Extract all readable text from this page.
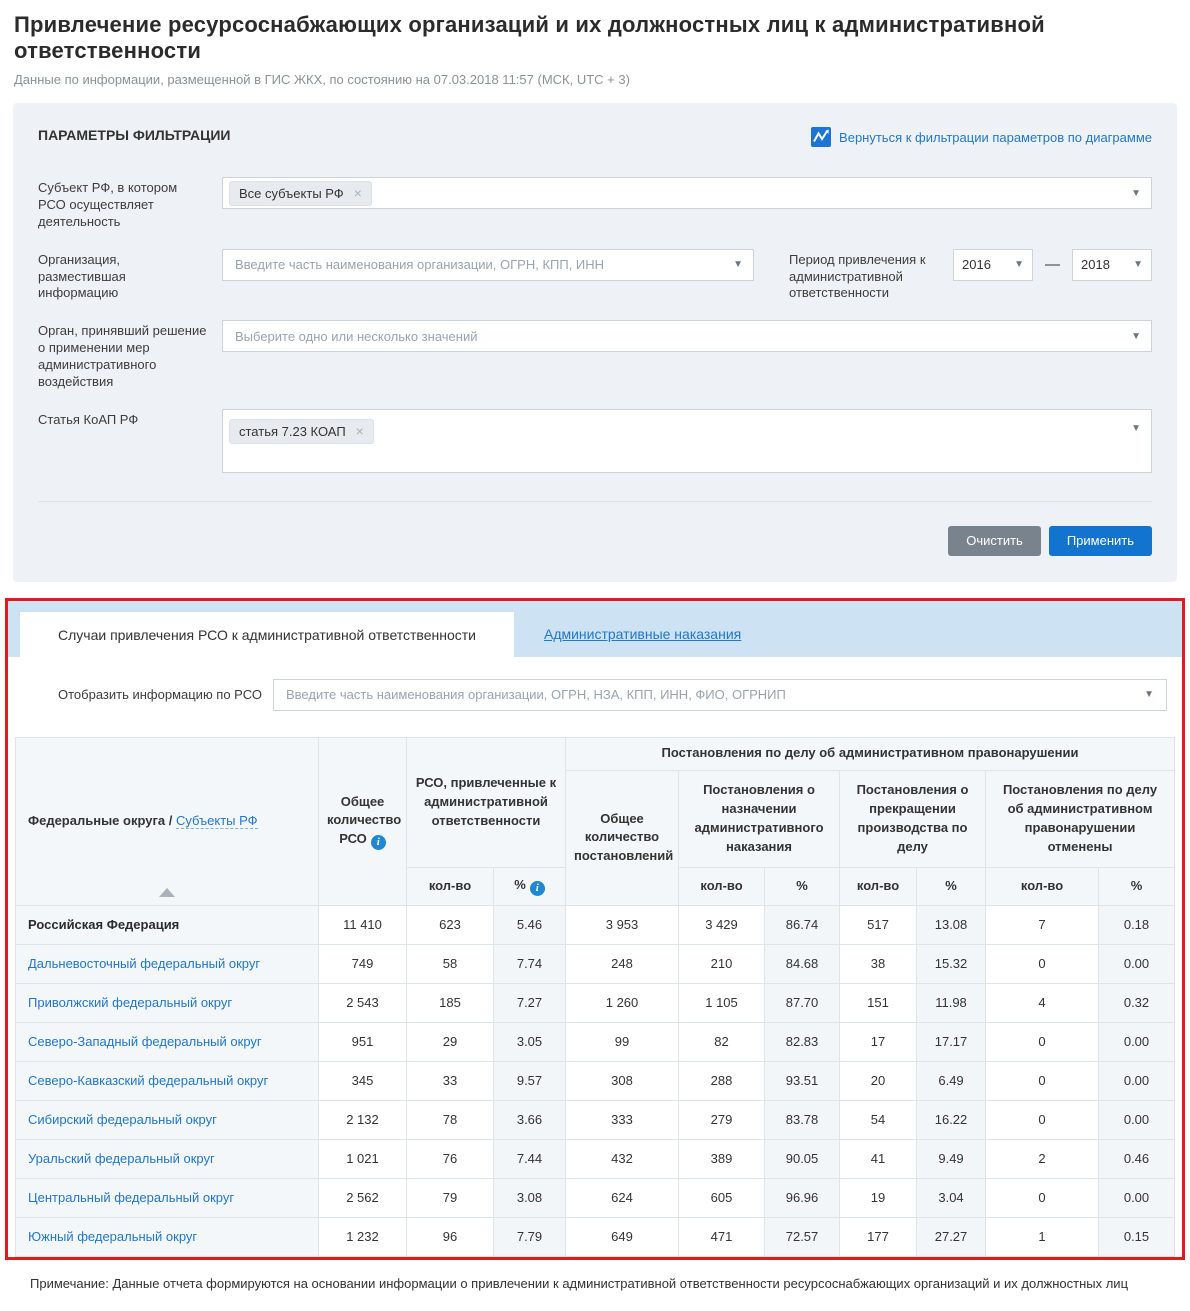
Привлечение ресурсоснабжающих организаций и их должностных лиц к административной ответственности
Данные по информации, размещенной в ГИС ЖКХ, по состоянию на 07.03.2018 11:57 (МСК, UTC + 3)
ПАРАМЕТРЫ ФИЛЬТРАЦИИ	Вернуться к фильтрации параметров по диаграмме
Субъект РФ, в котором РСО осуществляет деятельность
Все субъекты РФ ×	▼
Организация, разместившая информацию
Введите часть наименования организации, ОГРН, КПП, ИНН	▼	Период привлечения к административной ответственности
2016 ▼ — 2018 ▼
Орган, принявший решение о применении мер административного воздействия
Выберите одно или несколько значений	▼
Статья КоАП РФ
статья 7.23 КОАП ×	▼
Очистить	Применить
Случаи привлечения РСО к административной ответственности	Административные наказания
Отобразить информацию по РСО Введите часть наименования организации, ОГРН, НЗА, КПП, ИНН, ФИО, ОГРНИП	▼
Федеральные округа / Субъекты РФ	Общее количество РСО i	РСО, привлеченные к административной ответственности		Постановления по делу об административном правонарушении						
				Общее количество постановлений	Постановления о назначении административного наказания		Постановления о прекращении производства по делу		Постановления по делу об административном правонарушении отменены	
		кол-во	% i		кол-во	%	кол-во	%	кол-во	%
Российская Федерация	11 410	623	5.46	3 953	3 429	86.74	517	13.08	7	0.18
Дальневосточный федеральный округ	749	58	7.74	248	210	84.68	38	15.32	0	0.00
Приволжский федеральный округ	2 543	185	7.27	1 260	1 105	87.70	151	11.98	4	0.32
Северо-Западный федеральный округ	951	29	3.05	99	82	82.83	17	17.17	0	0.00
Северо-Кавказский федеральный округ	345	33	9.57	308	288	93.51	20	6.49	0	0.00
Сибирский федеральный округ	2 132	78	3.66	333	279	83.78	54	16.22	0	0.00
Уральский федеральный округ	1 021	76	7.44	432	389	90.05	41	9.49	2	0.46
Центральный федеральный округ	2 562	79	3.08	624	605	96.96	19	3.04	0	0.00
Южный федеральный округ	1 232	96	7.79	649	471	72.57	177	27.27	1	0.15
Примечание: Данные отчета формируются на основании информации о привлечении к административной ответственности ресурсоснабжающих организаций и их должностных лиц
